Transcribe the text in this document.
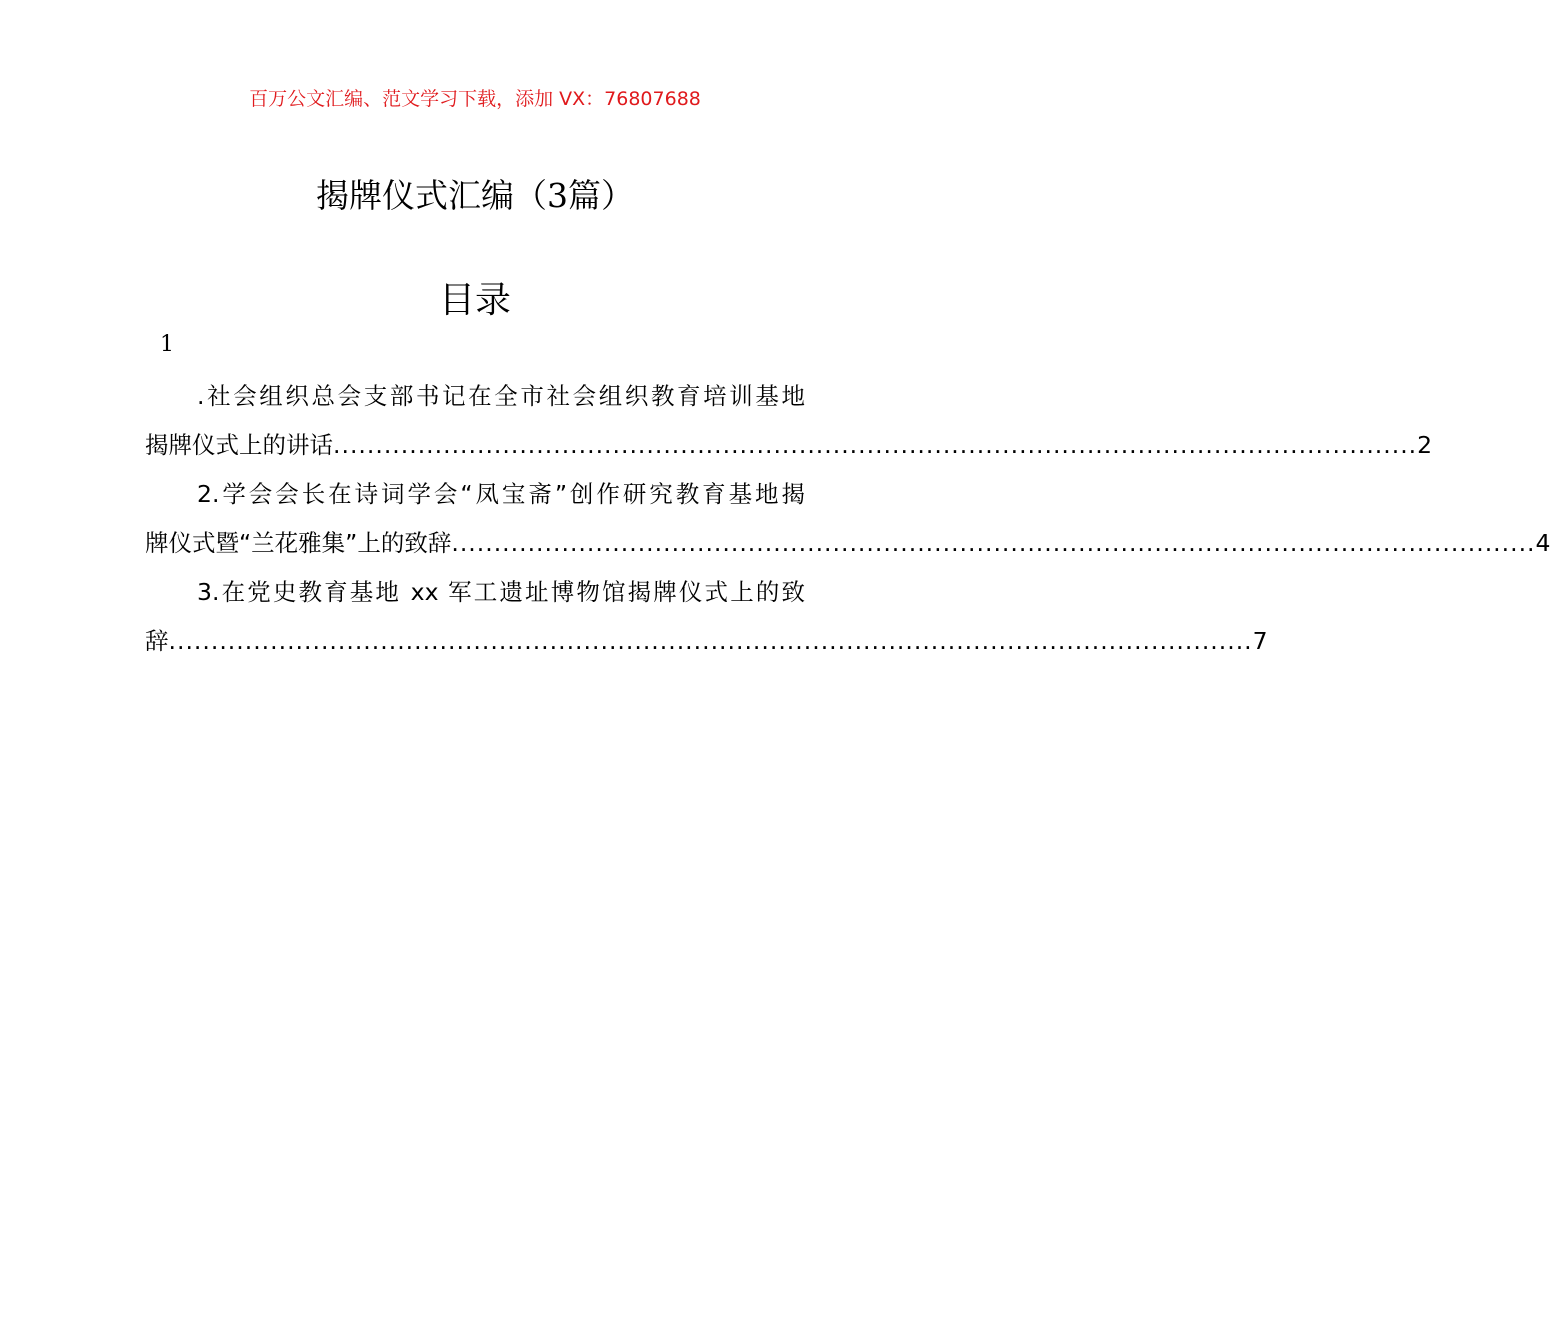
百万公文汇编、范文学习下载，添加 VX：76807688
揭牌仪式汇编（3篇）
目录
1
.社会组织总会支部书记在全市社会组织教育培训基地
揭牌仪式上的讲话 ................................................................................................................................ 2
2.学会会长在诗词学会“凤宝斋”创作研究教育基地揭
牌仪式暨“兰花雅集”上的致辞 ................................................................................................................................ 4
3.在党史教育基地 xx 军工遗址博物馆揭牌仪式上的致
辞 ................................................................................................................................ 7
